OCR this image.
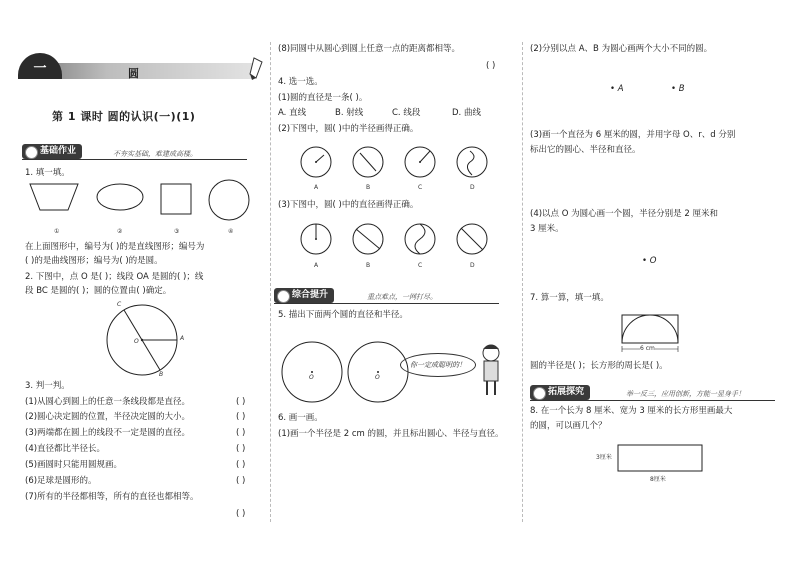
一	圆
第 1 课时 圆的认识(一)(1)
基础作业	不夯实基础，难建成高楼。
1. 填一填。
①	②	③	④
在上面图形中，编号为( )的是直线图形；编号为
( )的是曲线图形；编号为( )的是圆。
2. 下图中，点 O 是( )；线段 OA 是圆的( )；线
段 BC 是圆的( )；圆的位置由( )确定。
C
O	A
B
3. 判一判。
(1)从圆心到圆上的任意一条线段都是直径。	( )
(2)圆心决定圆的位置，半径决定圆的大小。	( )
(3)两端都在圆上的线段不一定是圆的直径。	( )
(4)直径都比半径长。	( )
(5)画圆时只能用圆规画。	( )
(6)足球是圆形的。	( )
(7)所有的半径都相等，所有的直径也都相等。
( )
(8)同圆中从圆心到圆上任意一点的距离都相等。
( )
4. 选一选。
(1)圆的直径是一条( )。
A. 直线	B. 射线	C. 线段	D. 曲线
(2)下图中，圆( )中的半径画得正确。
A	B	C	D
(3)下图中，圆( )中的直径画得正确。
A	B	C	D
综合提升	重点难点，一网打尽。
5. 描出下面两个圆的直径和半径。
O	O
你一定成聪明的！
6. 画一画。
(1)画一个半径是 2 cm 的圆，并且标出圆心、半径与直径。
(2)分别以点 A、B 为圆心画两个大小不同的圆。
• A	• B
(3)画一个直径为 6 厘米的圆，并用字母 O、r、d 分别
标出它的圆心、半径和直径。
(4)以点 O 为圆心画一个圆，半径分别是 2 厘米和
3 厘米。
• O
7. 算一算，填一填。
6 cm
圆的半径是( )；长方形的周长是( )。
拓展探究	举一反三，应用创新，方能一显身手！
8. 在一个长为 8 厘米、宽为 3 厘米的长方形里画最大
的圆，可以画几个？
3厘米
8厘米
